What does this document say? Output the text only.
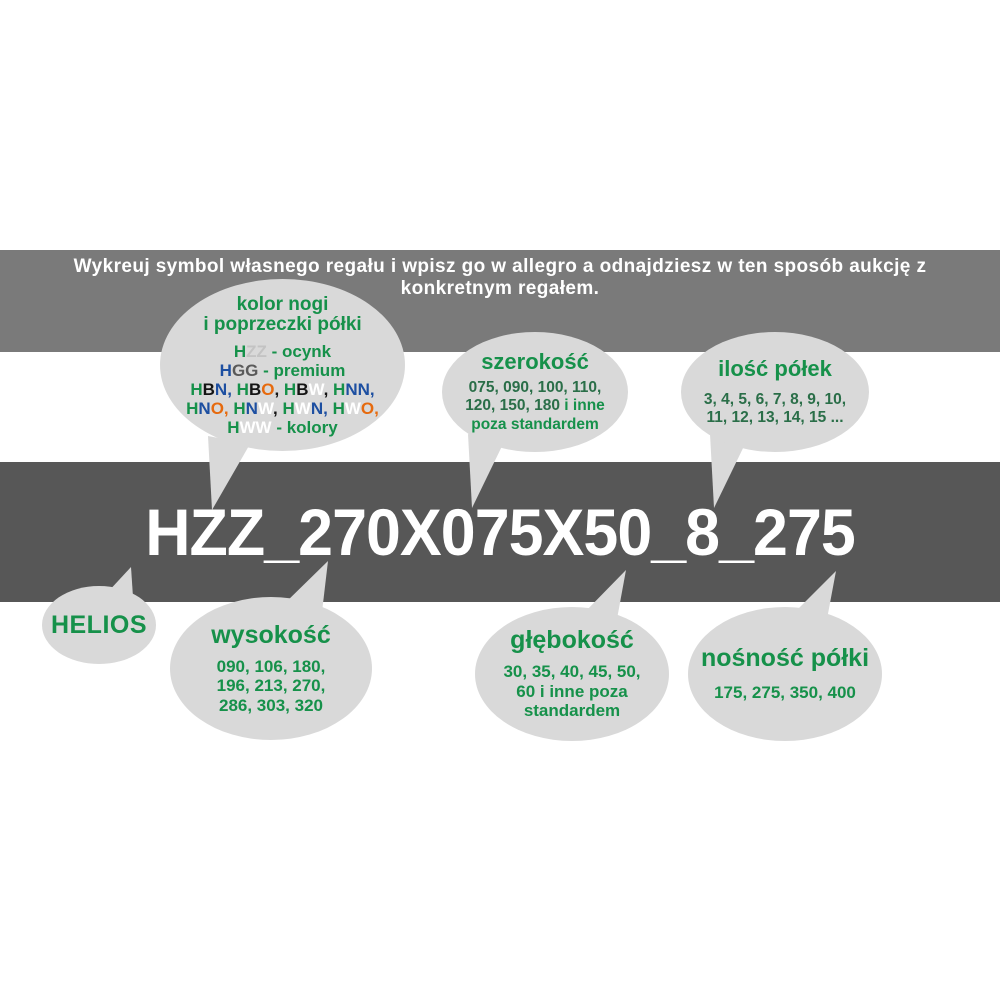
Wykreuj symbol własnego regału i wpisz go w allegro a odnajdziesz w ten sposób aukcję z
konkretnym regałem.
HZZ_270X075X50_8_275
kolor nogi
i poprzeczki półki
HZZ - ocynk
HGG - premium
HBN, HBO, HBW, HNN,
HNO, HNW, HWN, HWO,
HWW - kolory
szerokość
075, 090, 100, 110,
120, 150, 180 i inne
poza standardem
ilość półek
3, 4, 5, 6, 7, 8, 9, 10,
11, 12, 13, 14, 15 ...
HELIOS	wysokość
090, 106, 180,
196, 213, 270,
286, 303, 320
głębokość
30, 35, 40, 45, 50,
60 i inne poza
standardem
nośność półki
175, 275, 350, 400
